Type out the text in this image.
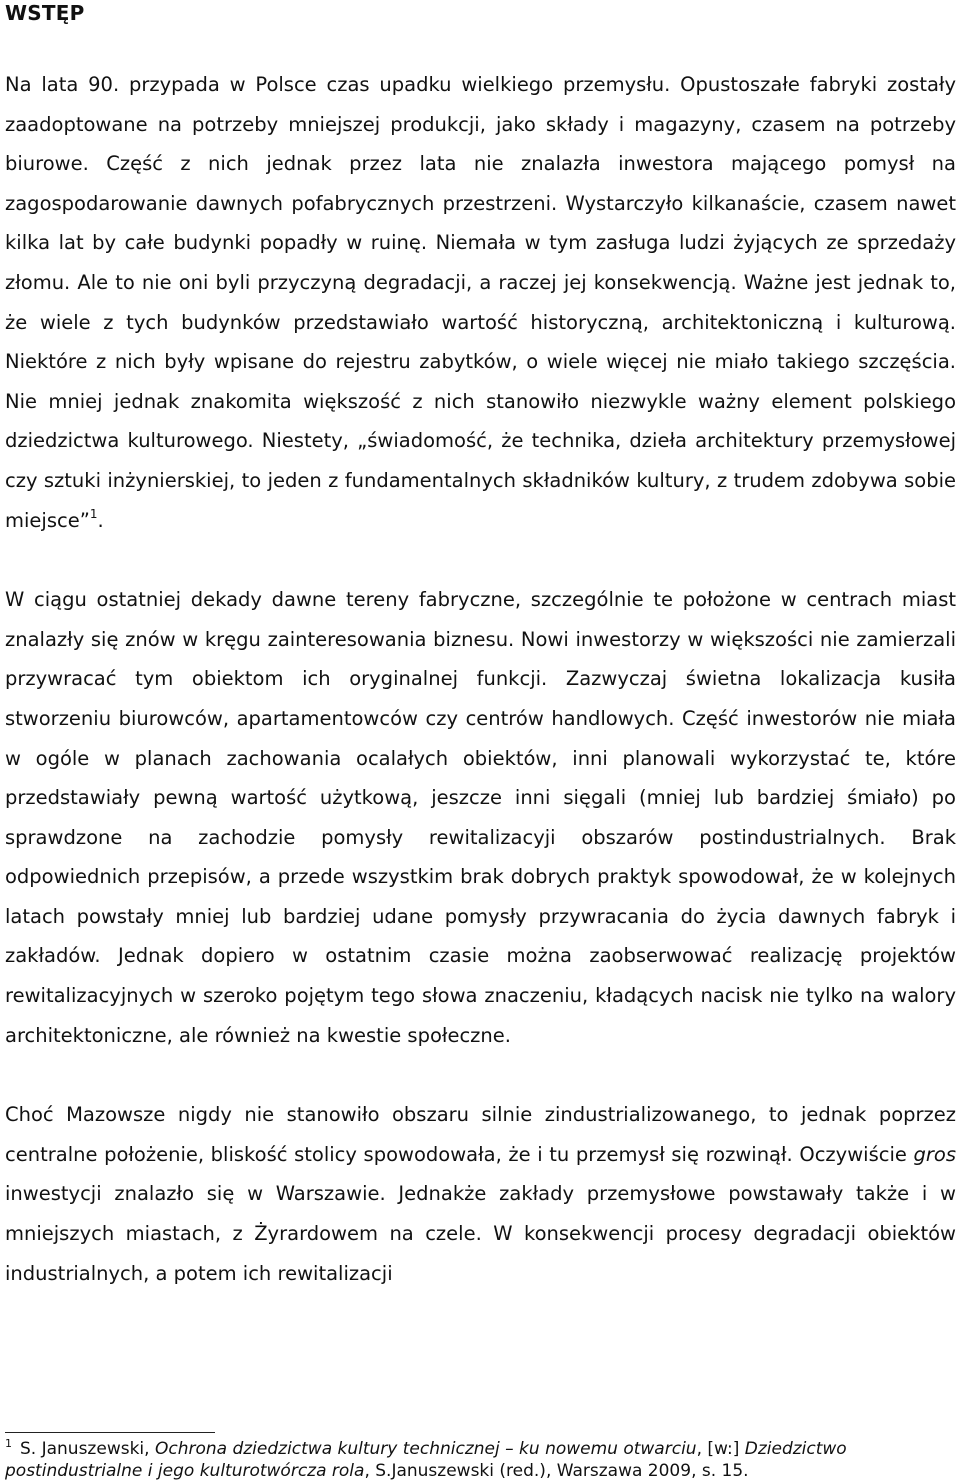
WSTĘP

Na lata 90. przypada w Polsce czas upadku wielkiego przemysłu. Opustoszałe fabryki zostały zaadoptowane na potrzeby mniejszej produkcji, jako składy i magazyny, czasem na potrzeby biurowe. Część z nich jednak przez lata nie znalazła inwestora mającego pomysł na zagospodarowanie dawnych pofabrycznych przestrzeni. Wystarczyło kilkanaście, czasem nawet kilka lat by całe budynki popadły w ruinę. Niemała w tym zasługa ludzi żyjących ze sprzedaży złomu. Ale to nie oni byli przyczyną degradacji, a raczej jej konsekwencją. Ważne jest jednak to, że wiele z tych budynków przedstawiało wartość historyczną, architektoniczną i kulturową. Niektóre z nich były wpisane do rejestru zabytków, o wiele więcej nie miało takiego szczęścia. Nie mniej jednak znakomita większość z nich stanowiło niezwykle ważny element polskiego dziedzictwa kulturowego. Niestety, „świadomość, że technika, dzieła architektury przemysłowej czy sztuki inżynierskiej, to jeden z fundamentalnych składników kultury, z trudem zdobywa sobie miejsce”$^1$.

W ciągu ostatniej dekady dawne tereny fabryczne, szczególnie te położone w centrach miast znalazły się znów w kręgu zainteresowania biznesu. Nowi inwestorzy w większości nie zamierzali przywracać tym obiektom ich oryginalnej funkcji. Zazwyczaj świetna lokalizacja kusiła stworzeniu biurowców, apartamentowców czy centrów handlowych. Część inwestorów nie miała w ogóle w planach zachowania ocalałych obiektów, inni planowali wykorzystać te, które przedstawiały pewną wartość użytkową, jeszcze inni sięgali (mniej lub bardziej śmiało) po sprawdzone na zachodzie pomysły rewitalizacyji obszarów postindustrialnych. Brak odpowiednich przepisów, a przede wszystkim brak dobrych praktyk spowodował, że w kolejnych latach powstały mniej lub bardziej udane pomysły przywracania do życia dawnych fabryk i zakładów. Jednak dopiero w ostatnim czasie można zaobserwować realizację projektów rewitalizacyjnych w szeroko pojętym tego słowa znaczeniu, kładących nacisk nie tylko na walory architektoniczne, ale również na kwestie społeczne.

Choć Mazowsze nigdy nie stanowiło obszaru silnie zindustrializowanego, to jednak poprzez centralne położenie, bliskość stolicy spowodowała, że i tu przemysł się rozwinął. Oczywiście gros inwestycji znalazło się w Warszawie. Jednakże zakłady przemysłowe powstawały także i w mniejszych miastach, z Żyrardowem na czele. W konsekwencji procesy degradacji obiektów industrialnych, a potem ich rewitalizacji

$^1$ S. Januszewski, Ochrona dziedzictwa kultury technicznej – ku nowemu otwarciu, [w:] Dziedzictwo postindustrialne i jego kulturotwórcza rola, S.Januszewski (red.), Warszawa 2009, s. 15.
